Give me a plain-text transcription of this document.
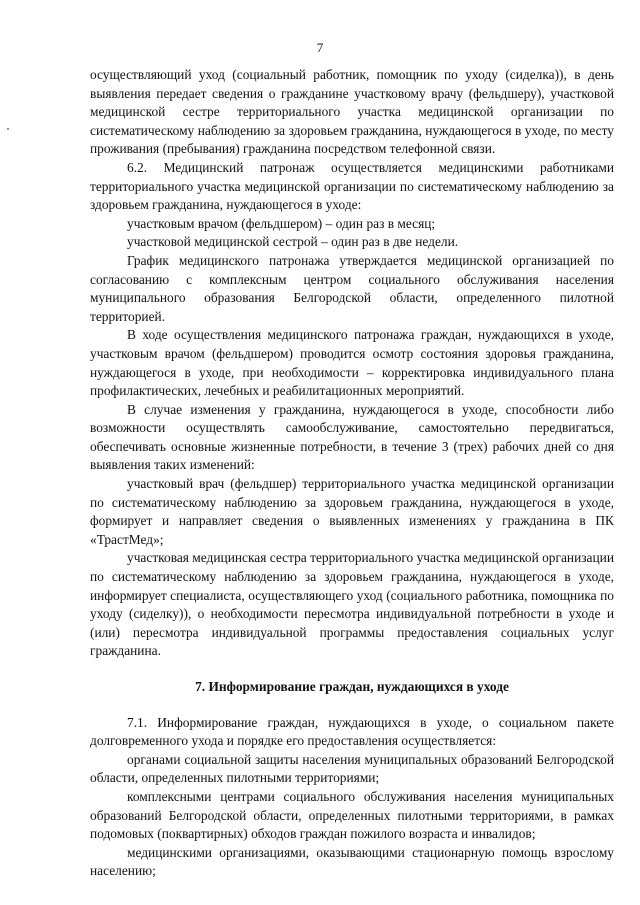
7

осуществляющий уход (социальный работник, помощник по уходу (сиделка)), в день выявления передает сведения о гражданине участковому врачу (фельдшеру), участковой медицинской сестре территориального участка медицинской организации по систематическому наблюдению за здоровьем гражданина, нуждающегося в уходе, по месту проживания (пребывания) гражданина посредством телефонной связи.

6.2. Медицинский патронаж осуществляется медицинскими работниками территориального участка медицинской организации по систематическому наблюдению за здоровьем гражданина, нуждающегося в уходе:

участковым врачом (фельдшером) – один раз в месяц;

участковой медицинской сестрой – один раз в две недели.

График медицинского патронажа утверждается медицинской организацией по согласованию с комплексным центром социального обслуживания населения муниципального образования Белгородской области, определенного пилотной территорией.

В ходе осуществления медицинского патронажа граждан, нуждающихся в уходе, участковым врачом (фельдшером) проводится осмотр состояния здоровья гражданина, нуждающегося в уходе, при необходимости – корректировка индивидуального плана профилактических, лечебных и реабилитационных мероприятий.

В случае изменения у гражданина, нуждающегося в уходе, способности либо возможности осуществлять самообслуживание, самостоятельно передвигаться, обеспечивать основные жизненные потребности, в течение 3 (трех) рабочих дней со дня выявления таких изменений:

участковый врач (фельдшер) территориального участка медицинской организации по систематическому наблюдению за здоровьем гражданина, нуждающегося в уходе, формирует и направляет сведения о выявленных изменениях у гражданина в ПК «ТрастМед»;

участковая медицинская сестра территориального участка медицинской организации по систематическому наблюдению за здоровьем гражданина, нуждающегося в уходе, информирует специалиста, осуществляющего уход (социального работника, помощника по уходу (сиделку)), о необходимости пересмотра индивидуальной потребности в уходе и (или) пересмотра индивидуальной программы предоставления социальных услуг гражданина.

7. Информирование граждан, нуждающихся в уходе

7.1. Информирование граждан, нуждающихся в уходе, о социальном пакете долговременного ухода и порядке его предоставления осуществляется:

органами социальной защиты населения муниципальных образований Белгородской области, определенных пилотными территориями;

комплексными центрами социального обслуживания населения муниципальных образований Белгородской области, определенных пилотными территориями, в рамках подомовых (поквартирных) обходов граждан пожилого возраста и инвалидов;

медицинскими организациями, оказывающими стационарную помощь взрослому населению;
